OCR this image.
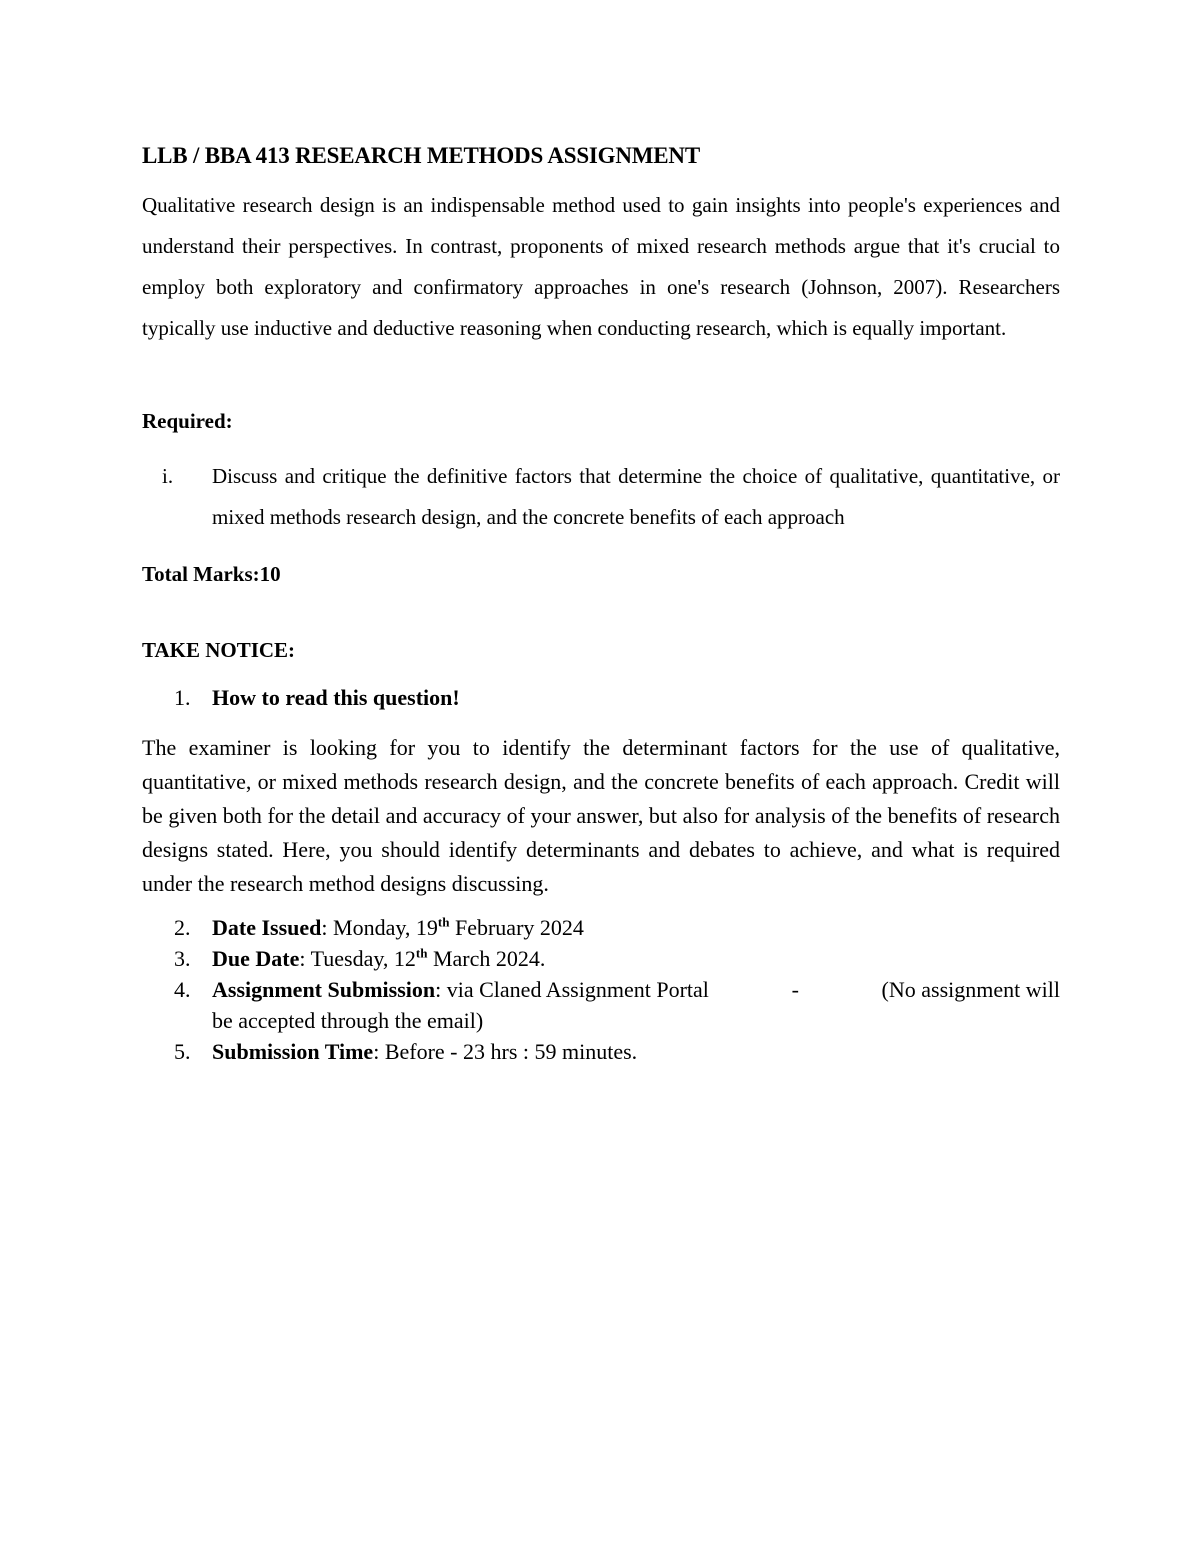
LLB / BBA 413 RESEARCH METHODS ASSIGNMENT
Qualitative research design is an indispensable method used to gain insights into people's experiences and understand their perspectives. In contrast, proponents of mixed research methods argue that it's crucial to employ both exploratory and confirmatory approaches in one's research (Johnson, 2007). Researchers typically use inductive and deductive reasoning when conducting research, which is equally important.
Required:
i. Discuss and critique the definitive factors that determine the choice of qualitative, quantitative, or mixed methods research design, and the concrete benefits of each approach
Total Marks:10
TAKE NOTICE:
1. How to read this question!
The examiner is looking for you to identify the determinant factors for the use of qualitative, quantitative, or mixed methods research design, and the concrete benefits of each approach. Credit will be given both for the detail and accuracy of your answer, but also for analysis of the benefits of research designs stated. Here, you should identify determinants and debates to achieve, and what is required under the research method designs discussing.
2. Date Issued: Monday, 19th February 2024
3. Due Date: Tuesday, 12th March 2024.
4. Assignment Submission: via Claned Assignment Portal	-	(No assignment will
be accepted through the email)
5. Submission Time: Before - 23 hrs : 59 minutes.
